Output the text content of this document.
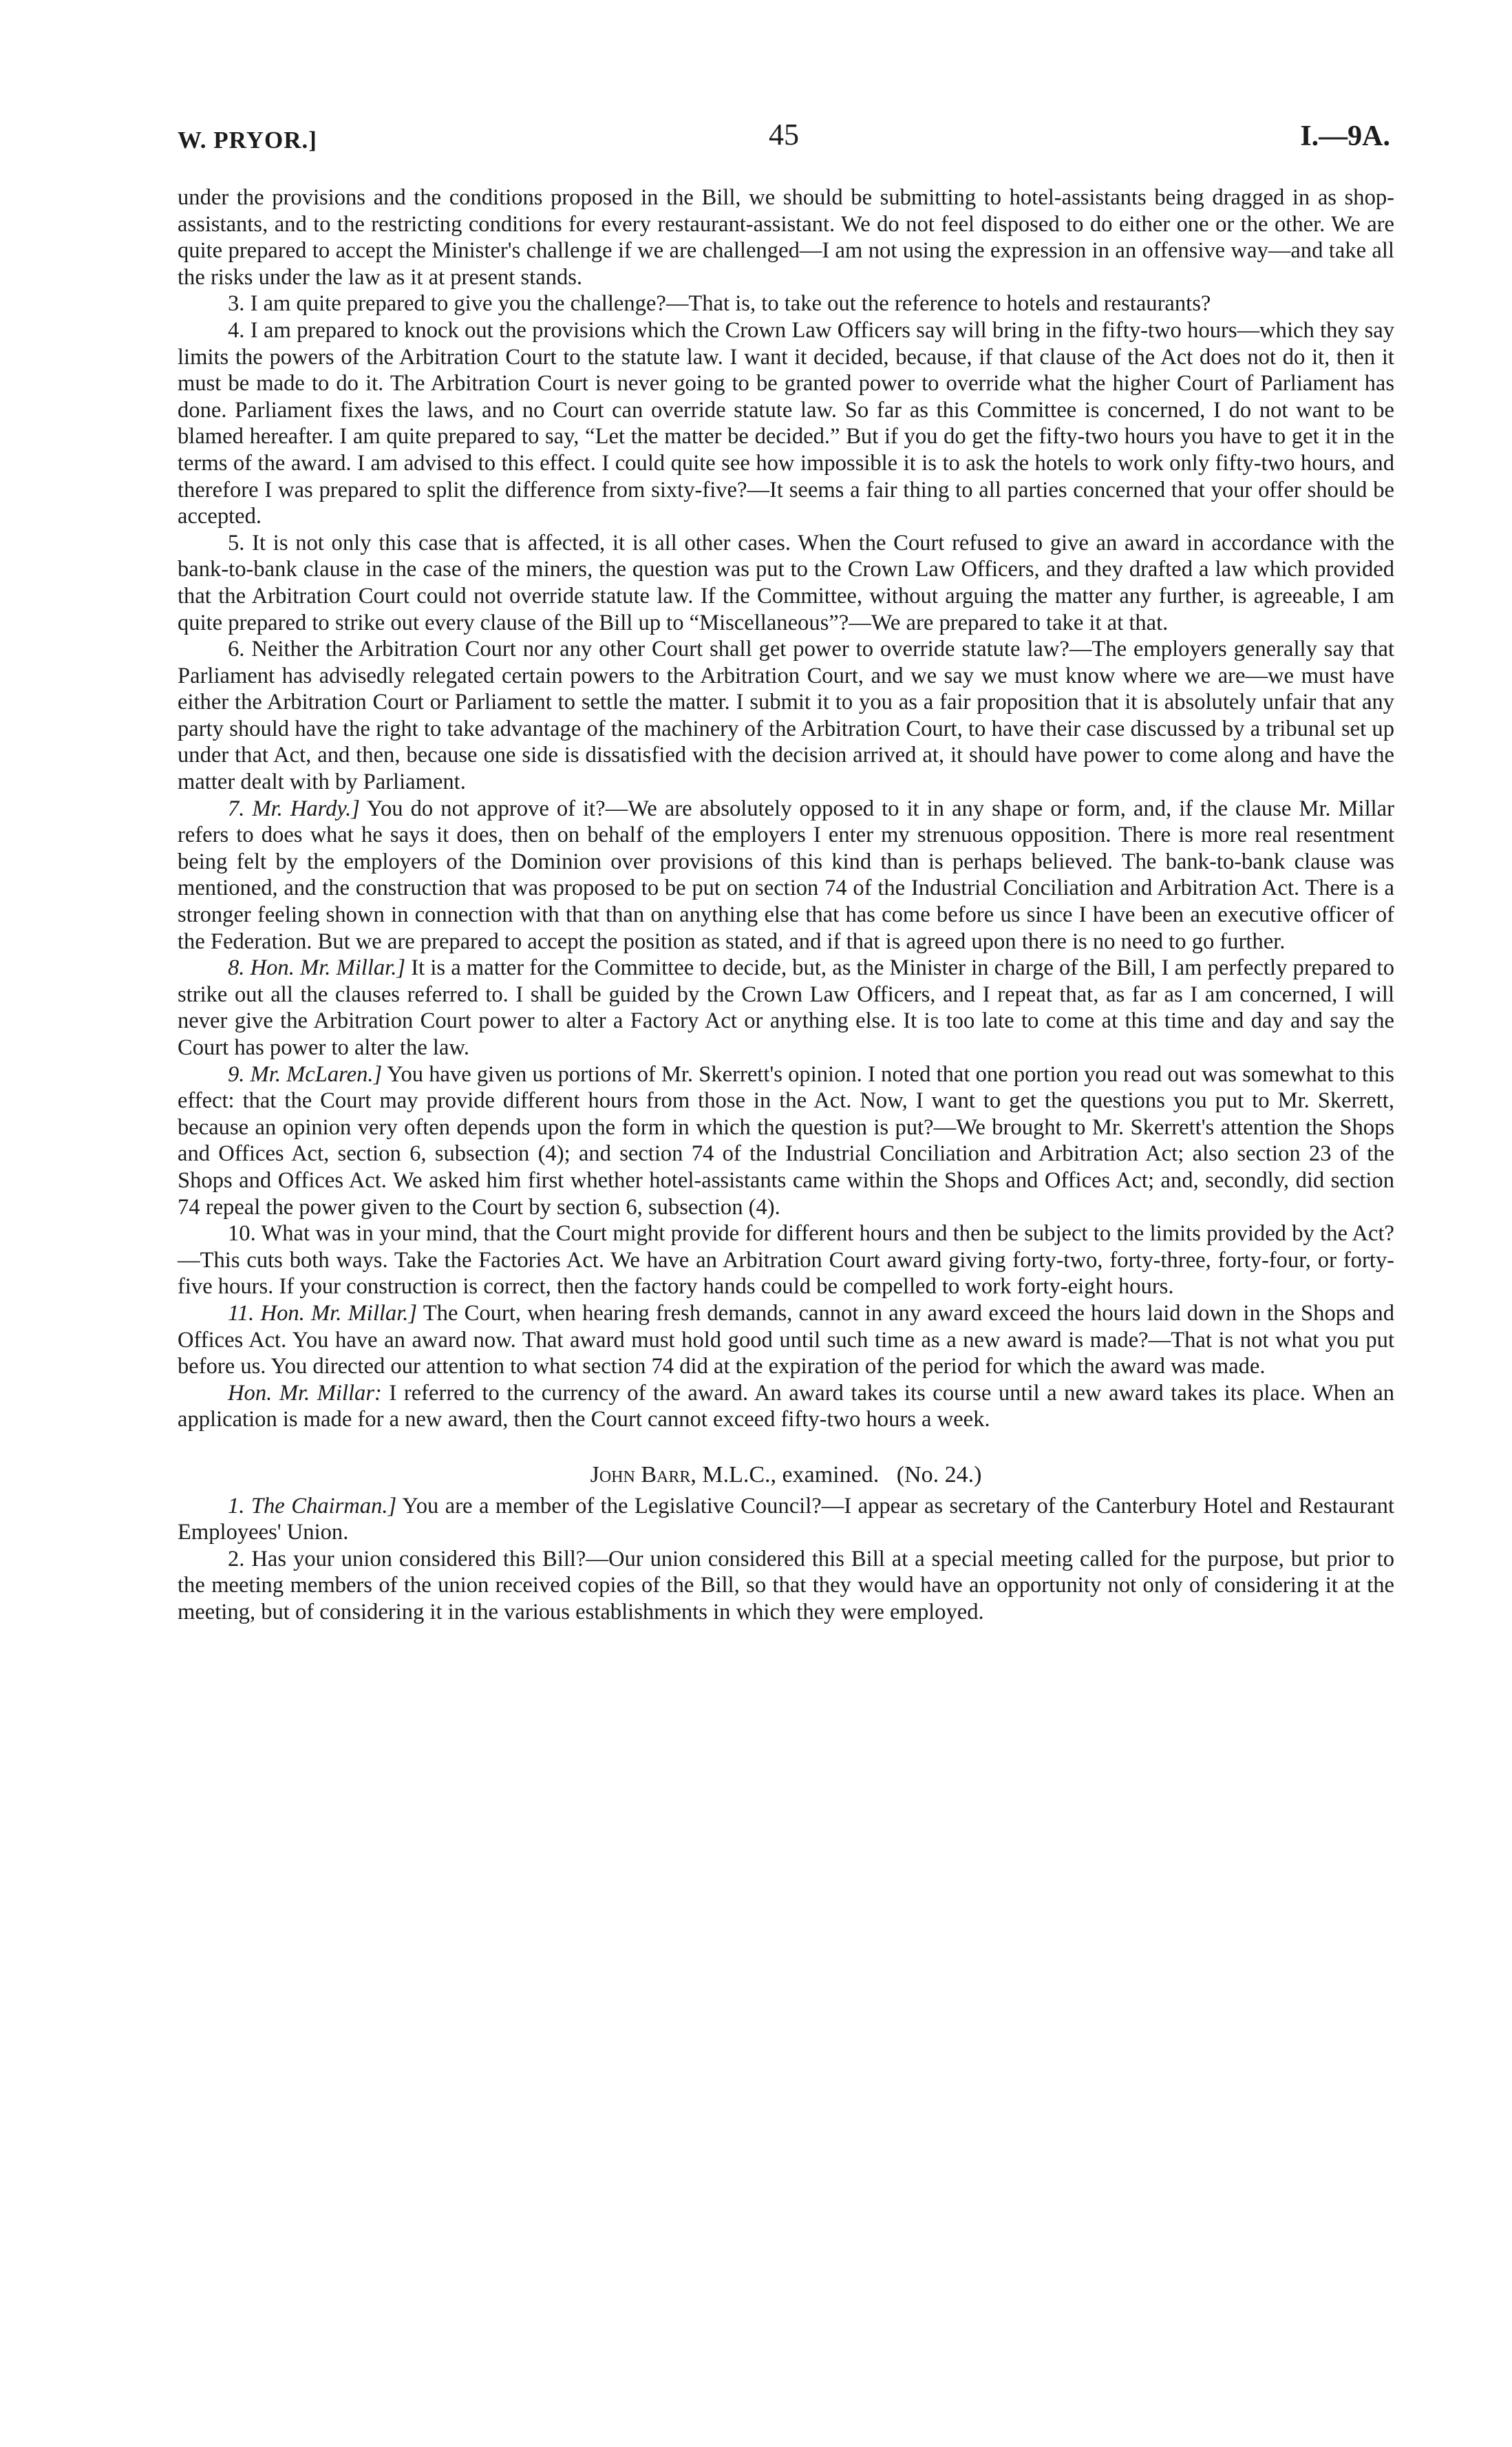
W. PRYOR.]	45	I.—9A.

under the provisions and the conditions proposed in the Bill, we should be submitting to hotel-assistants being dragged in as shop-assistants, and to the restricting conditions for every restaurant-assistant. We do not feel disposed to do either one or the other. We are quite prepared to accept the Minister's challenge if we are challenged—I am not using the expression in an offensive way—and take all the risks under the law as it at present stands.

3. I am quite prepared to give you the challenge?—That is, to take out the reference to hotels and restaurants?

4. I am prepared to knock out the provisions which the Crown Law Officers say will bring in the fifty-two hours—which they say limits the powers of the Arbitration Court to the statute law. I want it decided, because, if that clause of the Act does not do it, then it must be made to do it. The Arbitration Court is never going to be granted power to override what the higher Court of Parliament has done. Parliament fixes the laws, and no Court can override statute law. So far as this Committee is concerned, I do not want to be blamed hereafter. I am quite prepared to say, “Let the matter be decided.” But if you do get the fifty-two hours you have to get it in the terms of the award. I am advised to this effect. I could quite see how impossible it is to ask the hotels to work only fifty-two hours, and therefore I was prepared to split the difference from sixty-five?—It seems a fair thing to all parties concerned that your offer should be accepted.

5. It is not only this case that is affected, it is all other cases. When the Court refused to give an award in accordance with the bank-to-bank clause in the case of the miners, the question was put to the Crown Law Officers, and they drafted a law which provided that the Arbitration Court could not override statute law. If the Committee, without arguing the matter any further, is agreeable, I am quite prepared to strike out every clause of the Bill up to “Miscellaneous”?—We are prepared to take it at that.

6. Neither the Arbitration Court nor any other Court shall get power to override statute law?—The employers generally say that Parliament has advisedly relegated certain powers to the Arbitration Court, and we say we must know where we are—we must have either the Arbitration Court or Parliament to settle the matter. I submit it to you as a fair proposition that it is absolutely unfair that any party should have the right to take advantage of the machinery of the Arbitration Court, to have their case discussed by a tribunal set up under that Act, and then, because one side is dissatisfied with the decision arrived at, it should have power to come along and have the matter dealt with by Parliament.

7. Mr. Hardy.] You do not approve of it?—We are absolutely opposed to it in any shape or form, and, if the clause Mr. Millar refers to does what he says it does, then on behalf of the employers I enter my strenuous opposition. There is more real resentment being felt by the employers of the Dominion over provisions of this kind than is perhaps believed. The bank-to-bank clause was mentioned, and the construction that was proposed to be put on section 74 of the Industrial Conciliation and Arbitration Act. There is a stronger feeling shown in connection with that than on anything else that has come before us since I have been an executive officer of the Federation. But we are prepared to accept the position as stated, and if that is agreed upon there is no need to go further.

8. Hon. Mr. Millar.] It is a matter for the Committee to decide, but, as the Minister in charge of the Bill, I am perfectly prepared to strike out all the clauses referred to. I shall be guided by the Crown Law Officers, and I repeat that, as far as I am concerned, I will never give the Arbitration Court power to alter a Factory Act or anything else. It is too late to come at this time and day and say the Court has power to alter the law.

9. Mr. McLaren.] You have given us portions of Mr. Skerrett's opinion. I noted that one portion you read out was somewhat to this effect: that the Court may provide different hours from those in the Act. Now, I want to get the questions you put to Mr. Skerrett, because an opinion very often depends upon the form in which the question is put?—We brought to Mr. Skerrett's attention the Shops and Offices Act, section 6, subsection (4); and section 74 of the Industrial Conciliation and Arbitration Act; also section 23 of the Shops and Offices Act. We asked him first whether hotel-assistants came within the Shops and Offices Act; and, secondly, did section 74 repeal the power given to the Court by section 6, subsection (4).

10. What was in your mind, that the Court might provide for different hours and then be subject to the limits provided by the Act?—This cuts both ways. Take the Factories Act. We have an Arbitration Court award giving forty-two, forty-three, forty-four, or forty-five hours. If your construction is correct, then the factory hands could be compelled to work forty-eight hours.

11. Hon. Mr. Millar.] The Court, when hearing fresh demands, cannot in any award exceed the hours laid down in the Shops and Offices Act. You have an award now. That award must hold good until such time as a new award is made?—That is not what you put before us. You directed our attention to what section 74 did at the expiration of the period for which the award was made.

Hon. Mr. Millar: I referred to the currency of the award. An award takes its course until a new award takes its place. When an application is made for a new award, then the Court cannot exceed fifty-two hours a week.

John Barr, M.L.C., examined. (No. 24.)

1. The Chairman.] You are a member of the Legislative Council?—I appear as secretary of the Canterbury Hotel and Restaurant Employees' Union.

2. Has your union considered this Bill?—Our union considered this Bill at a special meeting called for the purpose, but prior to the meeting members of the union received copies of the Bill, so that they would have an opportunity not only of considering it at the meeting, but of considering it in the various establishments in which they were employed.
